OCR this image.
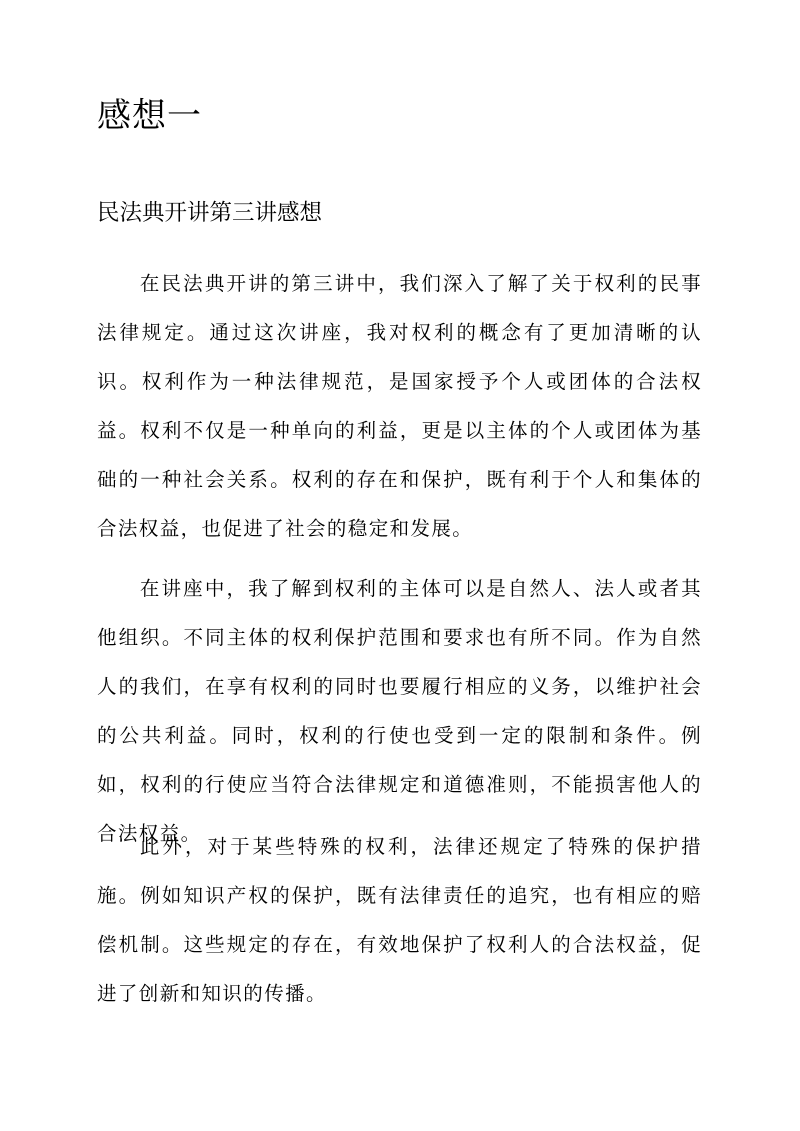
感想一
民法典开讲第三讲感想

在民法典开讲的第三讲中，我们深入了解了关于权利的民事法律规定。通过这次讲座，我对权利的概念有了更加清晰的认识。权利作为一种法律规范，是国家授予个人或团体的合法权益。权利不仅是一种单向的利益，更是以主体的个人或团体为基础的一种社会关系。权利的存在和保护，既有利于个人和集体的合法权益，也促进了社会的稳定和发展。

在讲座中，我了解到权利的主体可以是自然人、法人或者其他组织。不同主体的权利保护范围和要求也有所不同。作为自然人的我们，在享有权利的同时也要履行相应的义务，以维护社会的公共利益。同时，权利的行使也受到一定的限制和条件。例如，权利的行使应当符合法律规定和道德准则，不能损害他人的合法权益。

此外，对于某些特殊的权利，法律还规定了特殊的保护措施。例如知识产权的保护，既有法律责任的追究，也有相应的赔偿机制。这些规定的存在，有效地保护了权利人的合法权益，促进了创新和知识的传播。
